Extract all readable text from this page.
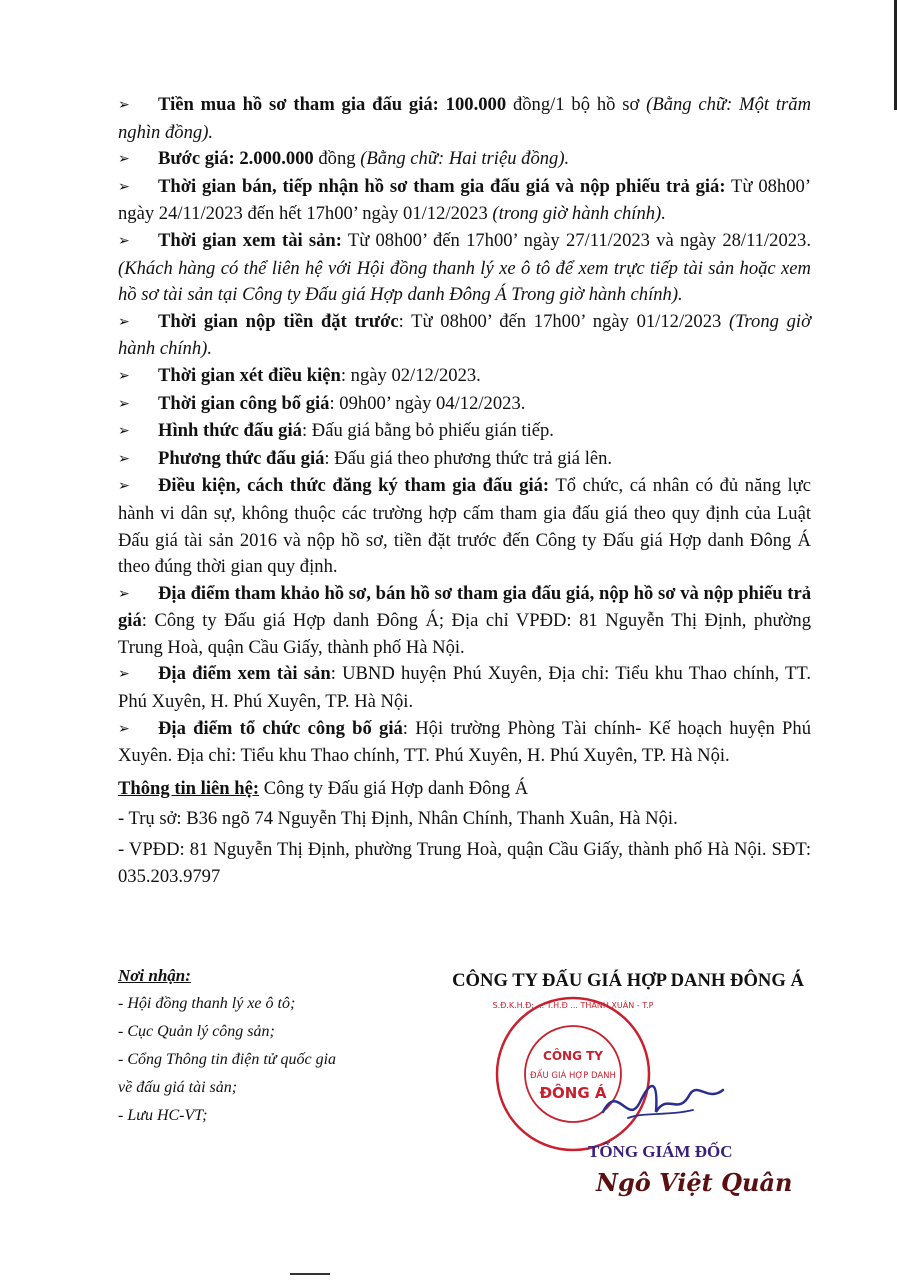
➢ Tiền mua hồ sơ tham gia đấu giá: 100.000 đồng/1 bộ hồ sơ (Bằng chữ: Một trăm nghìn đồng).

➢ Bước giá: 2.000.000 đồng (Bằng chữ: Hai triệu đồng).

➢ Thời gian bán, tiếp nhận hồ sơ tham gia đấu giá và nộp phiếu trả giá: Từ 08h00’ ngày 24/11/2023 đến hết 17h00’ ngày 01/12/2023 (trong giờ hành chính).

➢ Thời gian xem tài sản: Từ 08h00’ đến 17h00’ ngày 27/11/2023 và ngày 28/11/2023. (Khách hàng có thể liên hệ với Hội đồng thanh lý xe ô tô để xem trực tiếp tài sản hoặc xem hồ sơ tài sản tại Công ty Đấu giá Hợp danh Đông Á Trong giờ hành chính).

➢ Thời gian nộp tiền đặt trước: Từ 08h00’ đến 17h00’ ngày 01/12/2023 (Trong giờ hành chính).

➢ Thời gian xét điều kiện: ngày 02/12/2023.

➢ Thời gian công bố giá: 09h00’ ngày 04/12/2023.

➢ Hình thức đấu giá: Đấu giá bằng bỏ phiếu gián tiếp.

➢ Phương thức đấu giá: Đấu giá theo phương thức trả giá lên.

➢ Điều kiện, cách thức đăng ký tham gia đấu giá: Tổ chức, cá nhân có đủ năng lực hành vi dân sự, không thuộc các trường hợp cấm tham gia đấu giá theo quy định của Luật Đấu giá tài sản 2016 và nộp hồ sơ, tiền đặt trước đến Công ty Đấu giá Hợp danh Đông Á theo đúng thời gian quy định.

➢ Địa điểm tham khảo hồ sơ, bán hồ sơ tham gia đấu giá, nộp hồ sơ và nộp phiếu trả giá: Công ty Đấu giá Hợp danh Đông Á; Địa chỉ VPĐD: 81 Nguyễn Thị Định, phường Trung Hoà, quận Cầu Giấy, thành phố Hà Nội.

➢ Địa điểm xem tài sản: UBND huyện Phú Xuyên, Địa chỉ: Tiểu khu Thao chính, TT. Phú Xuyên, H. Phú Xuyên, TP. Hà Nội.

➢ Địa điểm tổ chức công bố giá: Hội trường Phòng Tài chính- Kế hoạch huyện Phú Xuyên. Địa chỉ: Tiểu khu Thao chính, TT. Phú Xuyên, H. Phú Xuyên, TP. Hà Nội.

Thông tin liên hệ: Công ty Đấu giá Hợp danh Đông Á

- Trụ sở: B36 ngõ 74 Nguyễn Thị Định, Nhân Chính, Thanh Xuân, Hà Nội.

- VPĐD: 81 Nguyễn Thị Định, phường Trung Hoà, quận Cầu Giấy, thành phố Hà Nội. SĐT: 035.203.9797

Nơi nhận:
- Hội đồng thanh lý xe ô tô;
- Cục Quản lý công sản;
- Cổng Thông tin điện tử quốc gia
về đấu giá tài sản;
- Lưu HC-VT;
CÔNG TY ĐẤU GIÁ HỢP DANH ĐÔNG Á
CÔNG TY
ĐẤU GIÁ HỢP DANH
ĐÔNG Á
S.Đ.K.H.Đ: ... T.H.Đ ... THANH XUÂN - T.P
TỔNG GIÁM ĐỐC
Ngô Việt Quân
